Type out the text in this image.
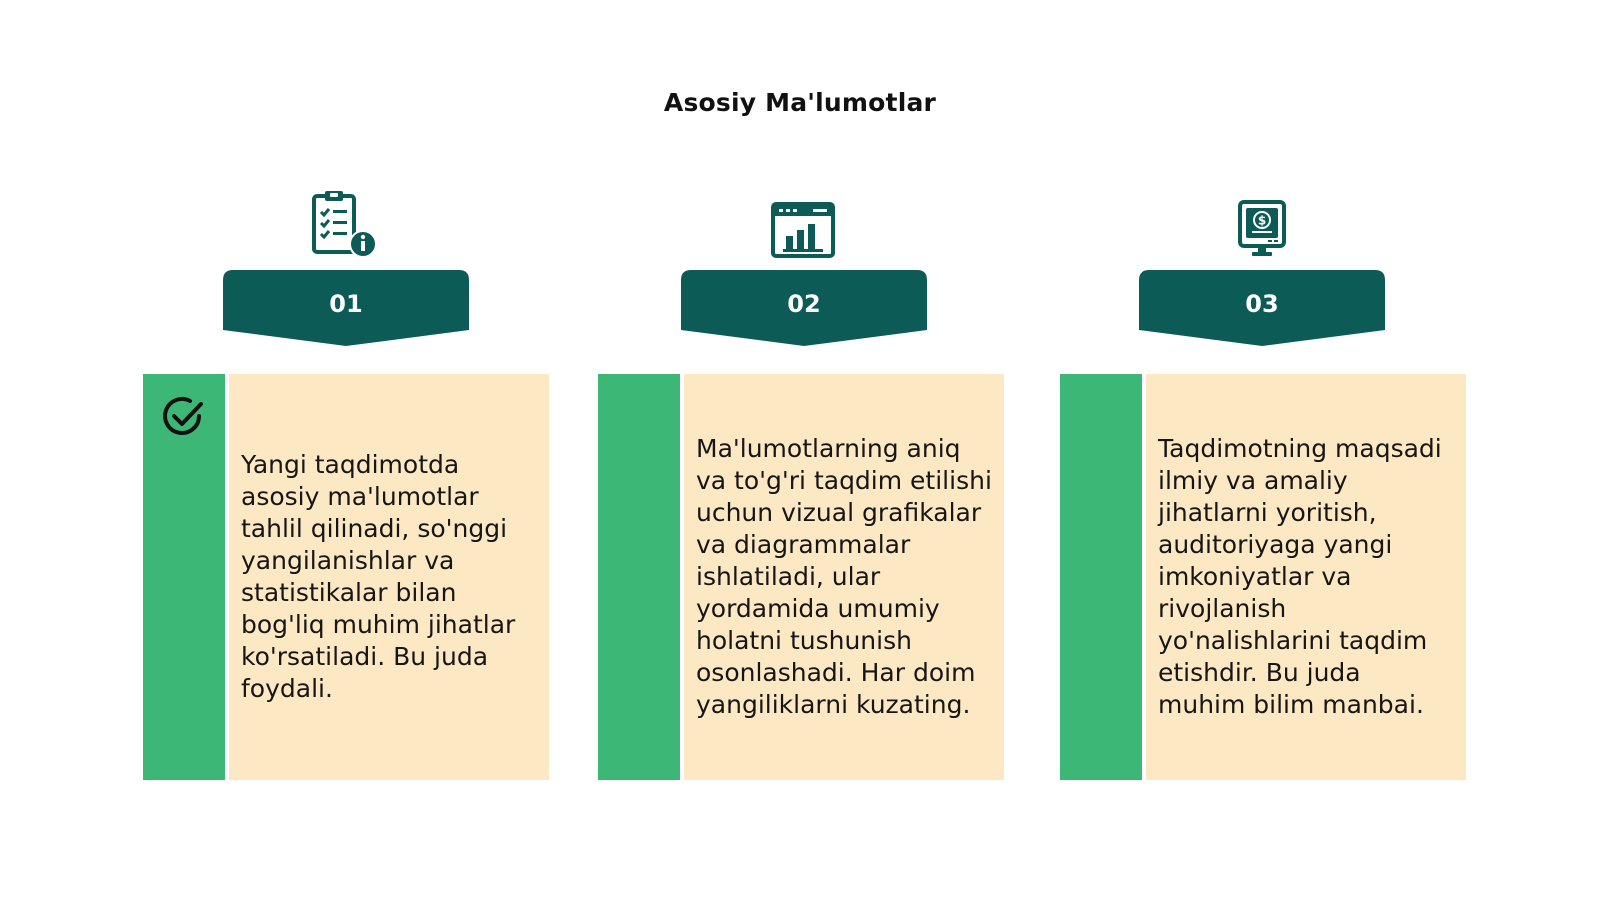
Asosiy Ma'lumotlar
01

Yangi taqdimotda asosiy ma'lumotlar tahlil qilinadi, so'nggi yangilanishlar va statistikalar bilan bog'liq muhim jihatlar ko'rsatiladi. Bu juda foydali.

02

Ma'lumotlarning aniq va to'g'ri taqdim etilishi uchun vizual grafikalar va diagrammalar ishlatiladi, ular yordamida umumiy holatni tushunish osonlashadi. Har doim yangiliklarni kuzating.

$
03

Taqdimotning maqsadi ilmiy va amaliy jihatlarni yoritish, auditoriyaga yangi imkoniyatlar va rivojlanish yo'nalishlarini taqdim etishdir. Bu juda muhim bilim manbai.
